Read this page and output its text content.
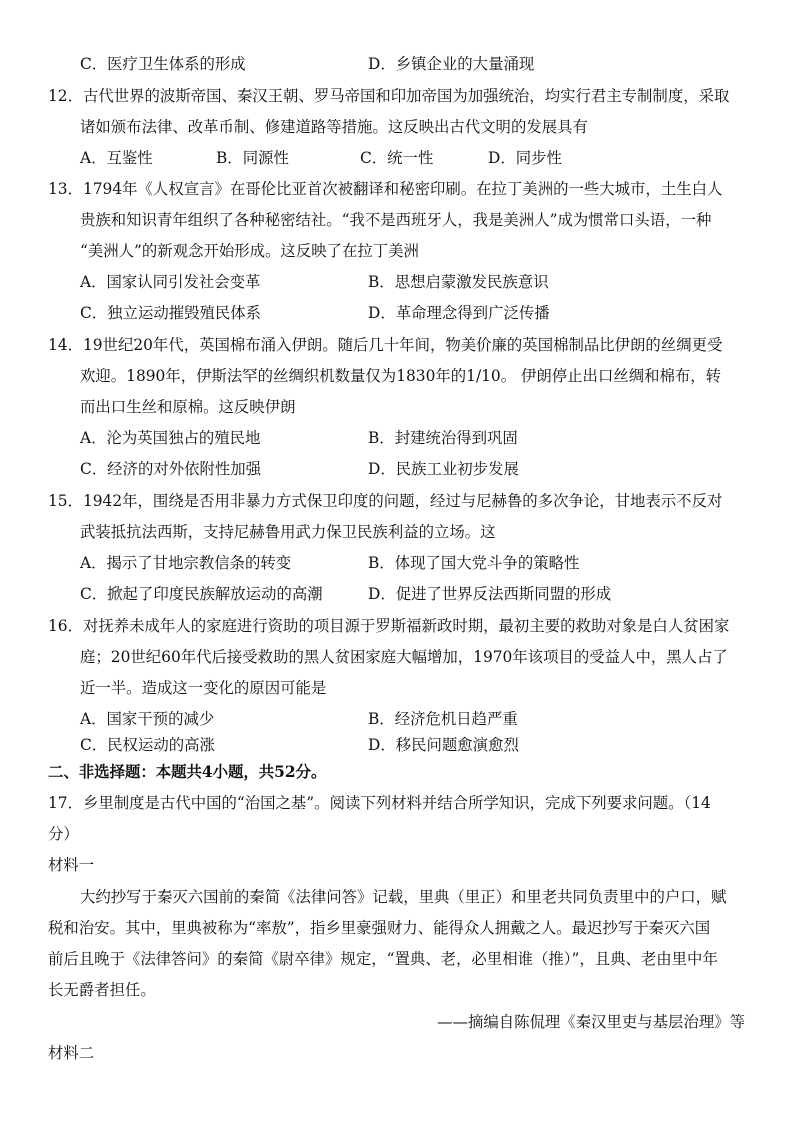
C．医疗卫生体系的形成	D．乡镇企业的大量涌现
12．古代世界的波斯帝国、秦汉王朝、罗马帝国和印加帝国为加强统治，均实行君主专制制度，采取
诸如颁布法律、改革币制、修建道路等措施。这反映出古代文明的发展具有
A．互鉴性	B．同源性	C．统一性	D．同步性
13．1794年《人权宣言》在哥伦比亚首次被翻译和秘密印刷。在拉丁美洲的一些大城市，土生白人
贵族和知识青年组织了各种秘密结社。“我不是西班牙人，我是美洲人”成为惯常口头语，一种
“美洲人”的新观念开始形成。这反映了在拉丁美洲
A．国家认同引发社会变革	B．思想启蒙激发民族意识
C．独立运动摧毁殖民体系	D．革命理念得到广泛传播
14．19世纪20年代，英国棉布涌入伊朗。随后几十年间，物美价廉的英国棉制品比伊朗的丝绸更受
欢迎。1890年，伊斯法罕的丝绸织机数量仅为1830年的1/10。 伊朗停止出口丝绸和棉布，转
而出口生丝和原棉。这反映伊朗
A．沦为英国独占的殖民地	B．封建统治得到巩固
C．经济的对外依附性加强	D．民族工业初步发展
15．1942年，围绕是否用非暴力方式保卫印度的问题，经过与尼赫鲁的多次争论，甘地表示不反对
武装抵抗法西斯，支持尼赫鲁用武力保卫民族利益的立场。这
A．揭示了甘地宗教信条的转变	B．体现了国大党斗争的策略性
C．掀起了印度民族解放运动的高潮	D．促进了世界反法西斯同盟的形成
16．对抚养未成年人的家庭进行资助的项目源于罗斯福新政时期，最初主要的救助对象是白人贫困家
庭；20世纪60年代后接受救助的黑人贫困家庭大幅增加，1970年该项目的受益人中，黑人占了
近一半。造成这一变化的原因可能是
A．国家干预的减少	B．经济危机日趋严重
C．民权运动的高涨	D．移民问题愈演愈烈
二、非选择题：本题共4小题，共52分。
17．乡里制度是古代中国的“治国之基”。阅读下列材料并结合所学知识，完成下列要求问题。（14
分）
材料一
大约抄写于秦灭六国前的秦简《法律问答》记载，里典（里正）和里老共同负责里中的户口，赋
税和治安。其中，里典被称为“率敖”，指乡里豪强财力、能得众人拥戴之人。最迟抄写于秦灭六国
前后且晚于《法律答问》的秦简《尉卒律》规定，“置典、老，必里相谁（推）”，且典、老由里中年
长无爵者担任。
——摘编自陈侃理《秦汉里吏与基层治理》等
材料二
